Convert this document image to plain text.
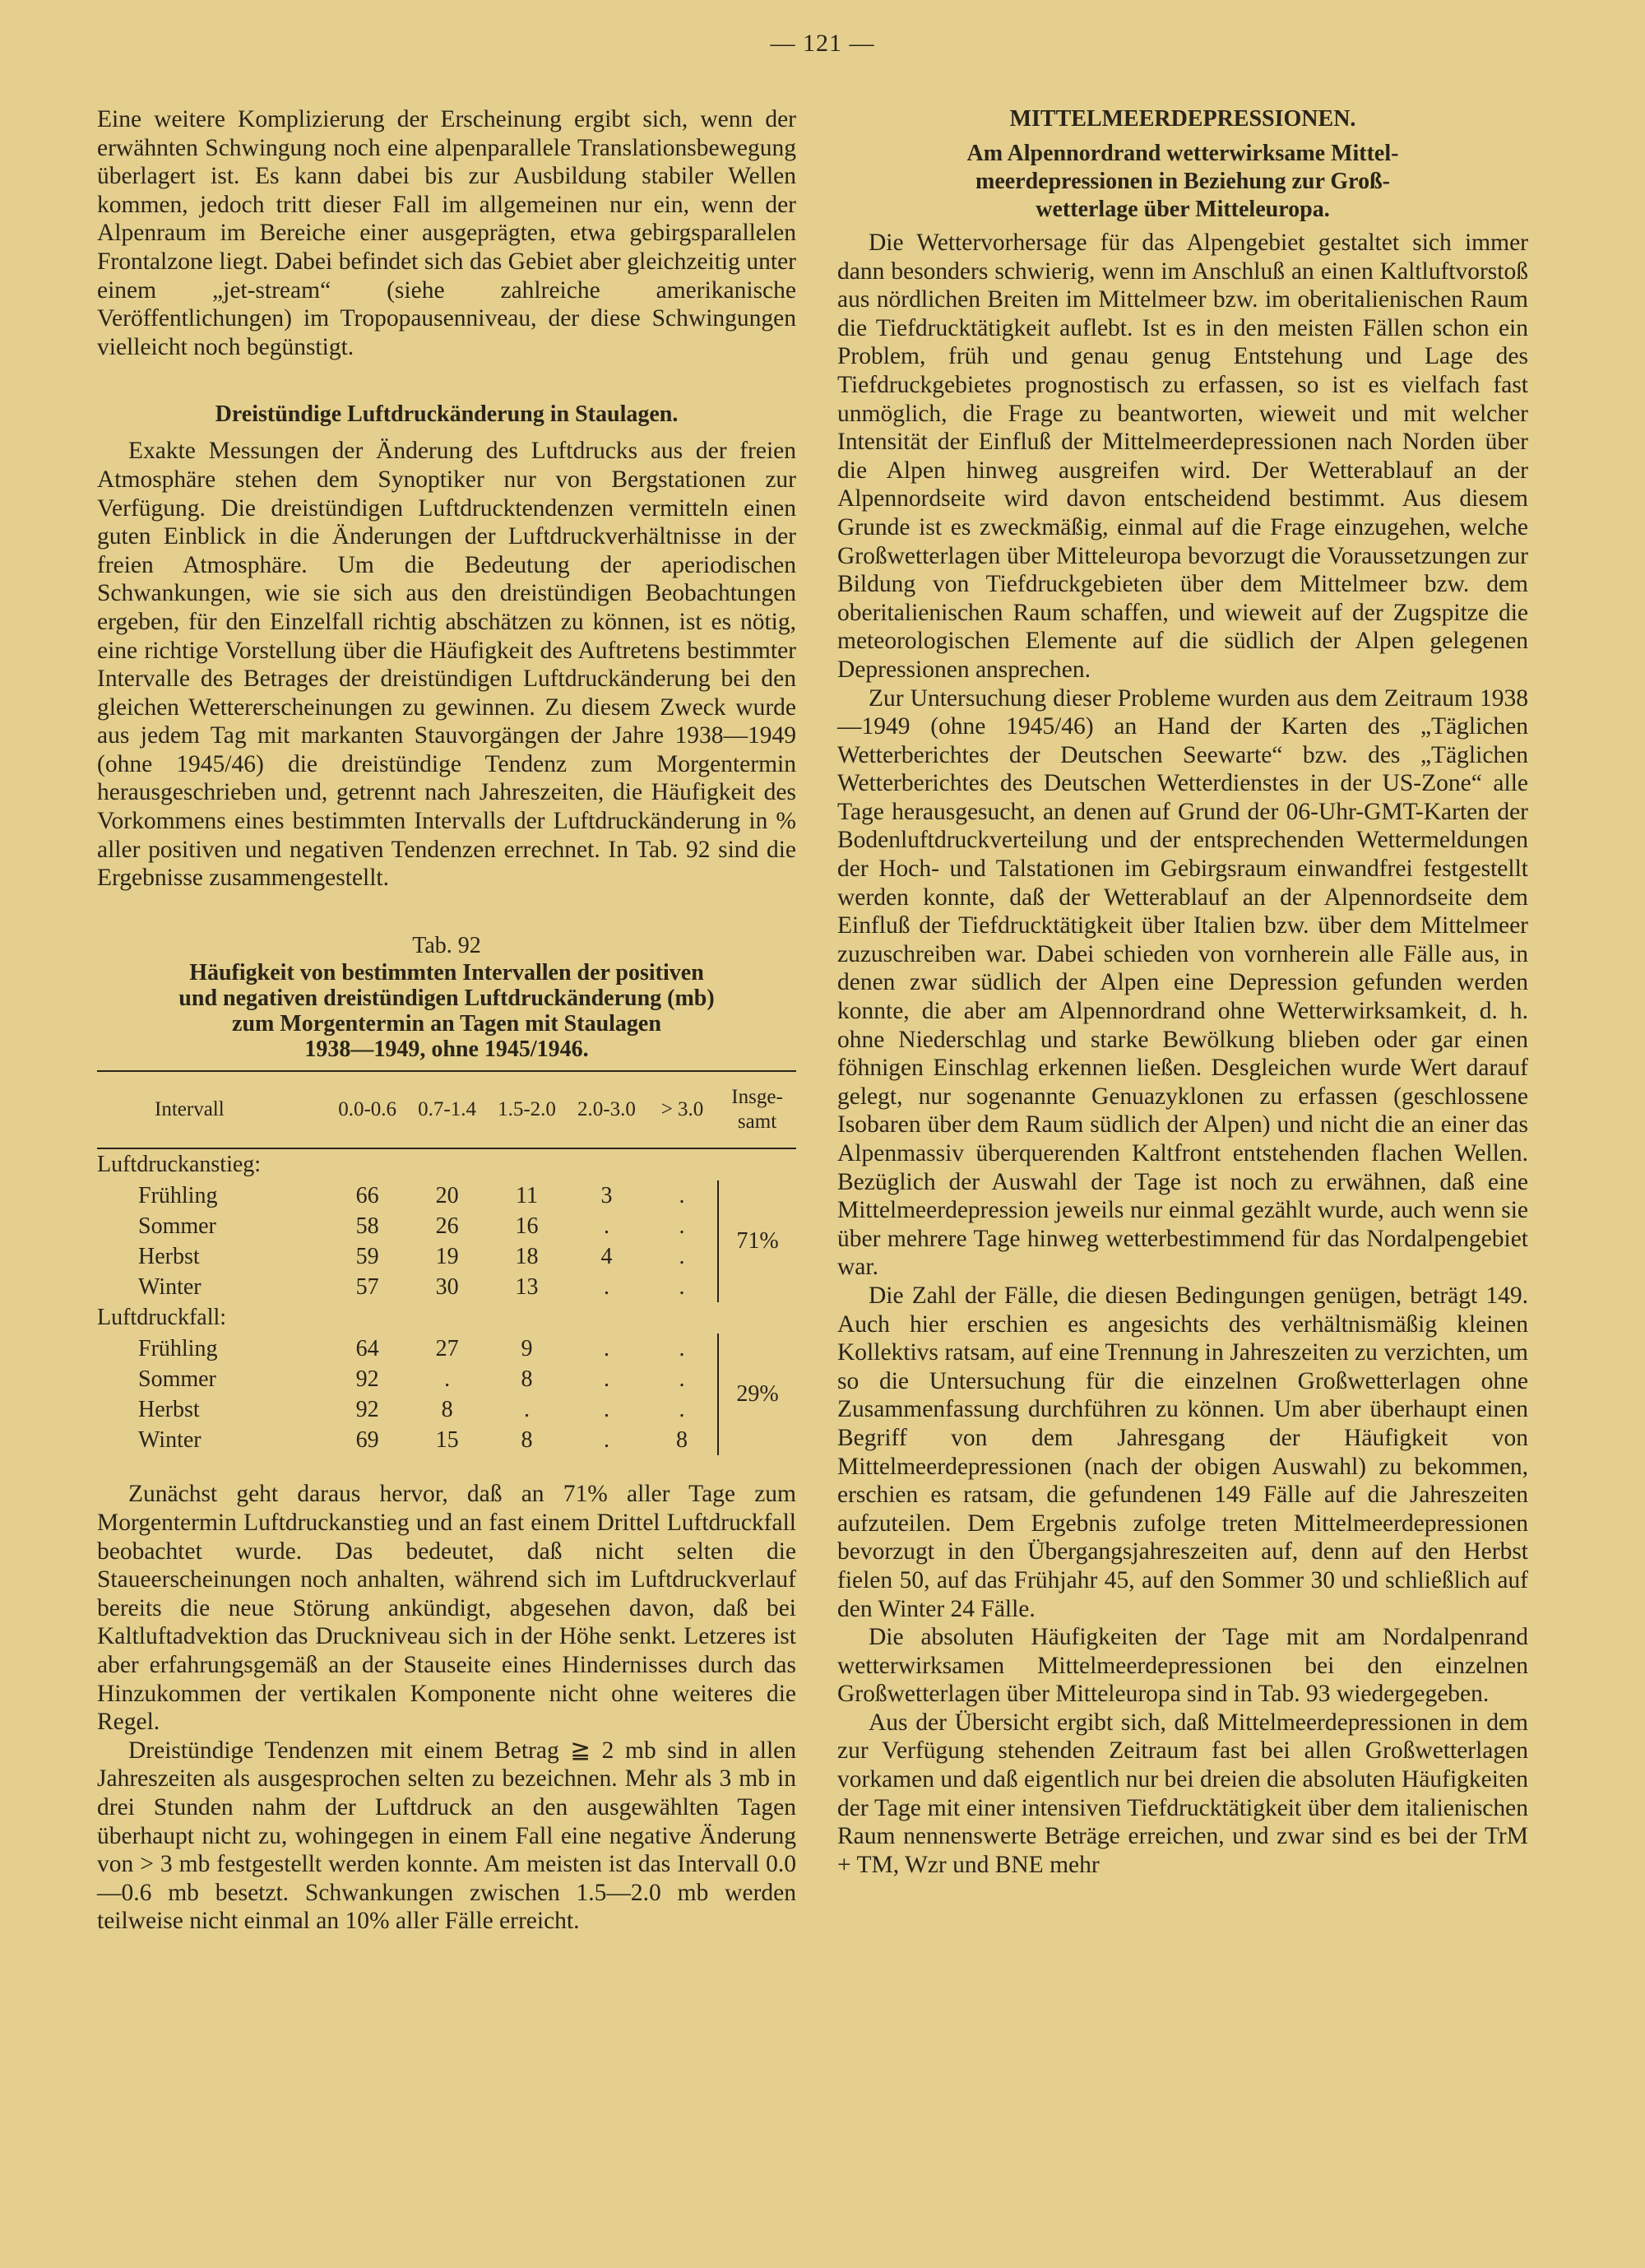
— 121 —

Eine weitere Komplizierung der Erscheinung ergibt sich, wenn der erwähnten Schwingung noch eine alpenparallele Translationsbewegung überlagert ist. Es kann dabei bis zur Ausbildung stabiler Wellen kommen, jedoch tritt dieser Fall im allgemeinen nur ein, wenn der Alpenraum im Bereiche einer ausgeprägten, etwa gebirgsparallelen Frontalzone liegt. Dabei befindet sich das Gebiet aber gleichzeitig unter einem „jet-stream“ (siehe zahlreiche amerikanische Veröffentlichungen) im Tropopausenniveau, der diese Schwingungen vielleicht noch begünstigt.

Dreistündige Luftdruckänderung in Staulagen.

Exakte Messungen der Änderung des Luftdrucks aus der freien Atmosphäre stehen dem Synoptiker nur von Bergstationen zur Verfügung. Die dreistündigen Luftdrucktendenzen vermitteln einen guten Einblick in die Änderungen der Luftdruckverhältnisse in der freien Atmosphäre. Um die Bedeutung der aperiodischen Schwankungen, wie sie sich aus den dreistündigen Beobachtungen ergeben, für den Einzelfall richtig abschätzen zu können, ist es nötig, eine richtige Vorstellung über die Häufigkeit des Auftretens bestimmter Intervalle des Betrages der dreistündigen Luftdruckänderung bei den gleichen Wettererscheinungen zu gewinnen. Zu diesem Zweck wurde aus jedem Tag mit markanten Stauvorgängen der Jahre 1938—1949 (ohne 1945/46) die dreistündige Tendenz zum Morgentermin herausgeschrieben und, getrennt nach Jahreszeiten, die Häufigkeit des Vorkommens eines bestimmten Intervalls der Luftdruckänderung in % aller positiven und negativen Tendenzen errechnet. In Tab. 92 sind die Ergebnisse zusammengestellt.

Tab. 92

Häufigkeit von bestimmten Intervallen der positiven

und negativen dreistündigen Luftdruckänderung (mb)

zum Morgentermin an Tagen mit Staulagen

1938—1949, ohne 1945/1946.

Intervall	0.0-0.6	0.7-1.4	1.5-2.0	2.0-3.0	> 3.0	Insge-
samt

Luftdruckanstieg:						
Frühling	66	20	11	3	.	71%
Sommer	58	26	16	.	.	
Herbst	59	19	18	4	.	
Winter	57	30	13	.	.	
Luftdruckfall:						
Frühling	64	27	9	.	.	29%
Sommer	92	.	8	.	.	
Herbst	92	8	.	.	.	
Winter	69	15	8	.	8	

Zunächst geht daraus hervor, daß an 71% aller Tage zum Morgentermin Luftdruckanstieg und an fast einem Drittel Luftdruckfall beobachtet wurde. Das bedeutet, daß nicht selten die Staueerscheinungen noch anhalten, während sich im Luftdruckverlauf bereits die neue Störung ankündigt, abgesehen davon, daß bei Kaltluftadvektion das Druckniveau sich in der Höhe senkt. Letzeres ist aber erfahrungsgemäß an der Stauseite eines Hindernisses durch das Hinzukommen der vertikalen Komponente nicht ohne weiteres die Regel.

Dreistündige Tendenzen mit einem Betrag ≧ 2 mb sind in allen Jahreszeiten als ausgesprochen selten zu bezeichnen. Mehr als 3 mb in drei Stunden nahm der Luftdruck an den ausgewählten Tagen überhaupt nicht zu, wohingegen in einem Fall eine negative Änderung von > 3 mb festgestellt werden konnte. Am meisten ist das Intervall 0.0—0.6 mb besetzt. Schwankungen zwischen 1.5—2.0 mb werden teilweise nicht einmal an 10% aller Fälle erreicht.

MITTELMEERDEPRESSIONEN.

Am Alpennordrand wetterwirksame Mittel-

meerdepressionen in Beziehung zur Groß-

wetterlage über Mitteleuropa.

Die Wettervorhersage für das Alpengebiet gestaltet sich immer dann besonders schwierig, wenn im Anschluß an einen Kaltluftvorstoß aus nördlichen Breiten im Mittelmeer bzw. im oberitalienischen Raum die Tiefdrucktätigkeit auflebt. Ist es in den meisten Fällen schon ein Problem, früh und genau genug Entstehung und Lage des Tiefdruckgebietes prognostisch zu erfassen, so ist es vielfach fast unmöglich, die Frage zu beantworten, wieweit und mit welcher Intensität der Einfluß der Mittelmeerdepressionen nach Norden über die Alpen hinweg ausgreifen wird. Der Wetterablauf an der Alpennordseite wird davon entscheidend bestimmt. Aus diesem Grunde ist es zweckmäßig, einmal auf die Frage einzugehen, welche Großwetterlagen über Mitteleuropa bevorzugt die Voraussetzungen zur Bildung von Tiefdruckgebieten über dem Mittelmeer bzw. dem oberitalienischen Raum schaffen, und wieweit auf der Zugspitze die meteorologischen Elemente auf die südlich der Alpen gelegenen Depressionen ansprechen.

Zur Untersuchung dieser Probleme wurden aus dem Zeitraum 1938—1949 (ohne 1945/46) an Hand der Karten des „Täglichen Wetterberichtes der Deutschen Seewarte“ bzw. des „Täglichen Wetterberichtes des Deutschen Wetterdienstes in der US-Zone“ alle Tage herausgesucht, an denen auf Grund der 06-Uhr-GMT-Karten der Bodenluftdruckverteilung und der entsprechenden Wettermeldungen der Hoch- und Talstationen im Gebirgsraum einwandfrei festgestellt werden konnte, daß der Wetterablauf an der Alpennordseite dem Einfluß der Tiefdrucktätigkeit über Italien bzw. über dem Mittelmeer zuzuschreiben war. Dabei schieden von vornherein alle Fälle aus, in denen zwar südlich der Alpen eine Depression gefunden werden konnte, die aber am Alpennordrand ohne Wetterwirksamkeit, d. h. ohne Niederschlag und starke Bewölkung blieben oder gar einen föhnigen Einschlag erkennen ließen. Desgleichen wurde Wert darauf gelegt, nur sogenannte Genuazyklonen zu erfassen (geschlossene Isobaren über dem Raum südlich der Alpen) und nicht die an einer das Alpenmassiv überquerenden Kaltfront entstehenden flachen Wellen. Bezüglich der Auswahl der Tage ist noch zu erwähnen, daß eine Mittelmeerdepression jeweils nur einmal gezählt wurde, auch wenn sie über mehrere Tage hinweg wetterbestimmend für das Nordalpengebiet war.

Die Zahl der Fälle, die diesen Bedingungen genügen, beträgt 149. Auch hier erschien es angesichts des verhältnismäßig kleinen Kollektivs ratsam, auf eine Trennung in Jahreszeiten zu verzichten, um so die Untersuchung für die einzelnen Großwetterlagen ohne Zusammenfassung durchführen zu können. Um aber überhaupt einen Begriff von dem Jahresgang der Häufigkeit von Mittelmeerdepressionen (nach der obigen Auswahl) zu bekommen, erschien es ratsam, die gefundenen 149 Fälle auf die Jahreszeiten aufzuteilen. Dem Ergebnis zufolge treten Mittelmeerdepressionen bevorzugt in den Übergangsjahreszeiten auf, denn auf den Herbst fielen 50, auf das Frühjahr 45, auf den Sommer 30 und schließlich auf den Winter 24 Fälle.

Die absoluten Häufigkeiten der Tage mit am Nordalpenrand wetterwirksamen Mittelmeerdepressionen bei den einzelnen Großwetterlagen über Mitteleuropa sind in Tab. 93 wiedergegeben.

Aus der Übersicht ergibt sich, daß Mittelmeerdepressionen in dem zur Verfügung stehenden Zeitraum fast bei allen Großwetterlagen vorkamen und daß eigentlich nur bei dreien die absoluten Häufigkeiten der Tage mit einer intensiven Tiefdrucktätigkeit über dem italienischen Raum nennenswerte Beträge erreichen, und zwar sind es bei der TrM + TM, Wzr und BNE mehr
